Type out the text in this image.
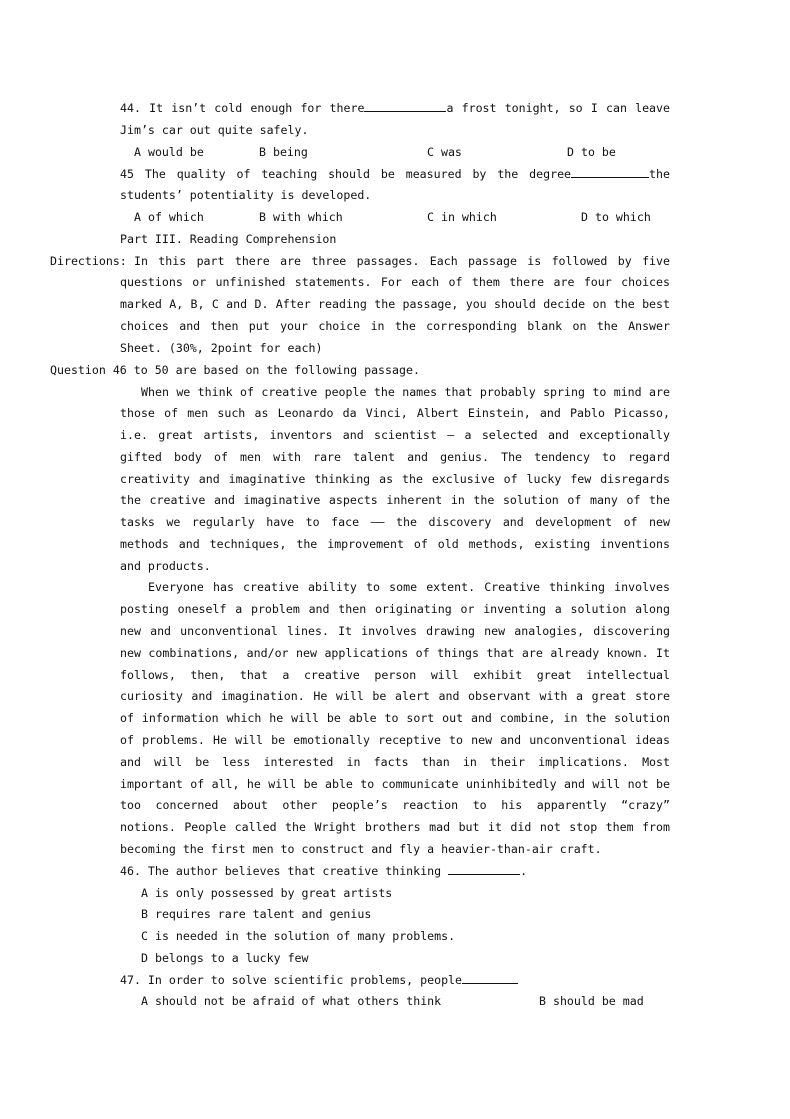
44. It isn’t cold enough for there	a frost tonight, so I can leave
Jim’s car out quite safely.
A would be	B being	C was	D to be
45 The quality of teaching should be measured by the degree	the
students’ potentiality is developed.
A of which	B with which	C in which	D to which
Part III. Reading Comprehension
Directions: In this part there are three passages. Each passage is followed by five
questions or unfinished statements. For each of them there are four choices
marked A, B, C and D. After reading the passage, you should decide on the best
choices and then put your choice in the corresponding blank on the Answer
Sheet. (30%, 2point for each)
Question 46 to 50 are based on the following passage.
When we think of creative people the names that probably spring to mind are
those of men such as Leonardo da Vinci, Albert Einstein, and Pablo Picasso,
i.e. great artists, inventors and scientist — a selected and exceptionally
gifted body of men with rare talent and genius. The tendency to regard
creativity and imaginative thinking as the exclusive of lucky few disregards
the creative and imaginative aspects inherent in the solution of many of the
tasks we regularly have to face —— the discovery and development of new
methods and techniques, the improvement of old methods, existing inventions
and products.
Everyone has creative ability to some extent. Creative thinking involves
posting oneself a problem and then originating or inventing a solution along
new and unconventional lines. It involves drawing new analogies, discovering
new combinations, and/or new applications of things that are already known. It
follows, then, that a creative person will exhibit great intellectual
curiosity and imagination. He will be alert and observant with a great store
of information which he will be able to sort out and combine, in the solution
of problems. He will be emotionally receptive to new and unconventional ideas
and will be less interested in facts than in their implications. Most
important of all, he will be able to communicate uninhibitedly and will not be
too concerned about other people’s reaction to his apparently “crazy”
notions. People called the Wright brothers mad but it did not stop them from
becoming the first men to construct and fly a heavier-than-air craft.
46. The author believes that creative thinking	.
A is only possessed by great artists
B requires rare talent and genius
C is needed in the solution of many problems.
D belongs to a lucky few
47. In order to solve scientific problems, people
A should not be afraid of what others think	B should be mad
